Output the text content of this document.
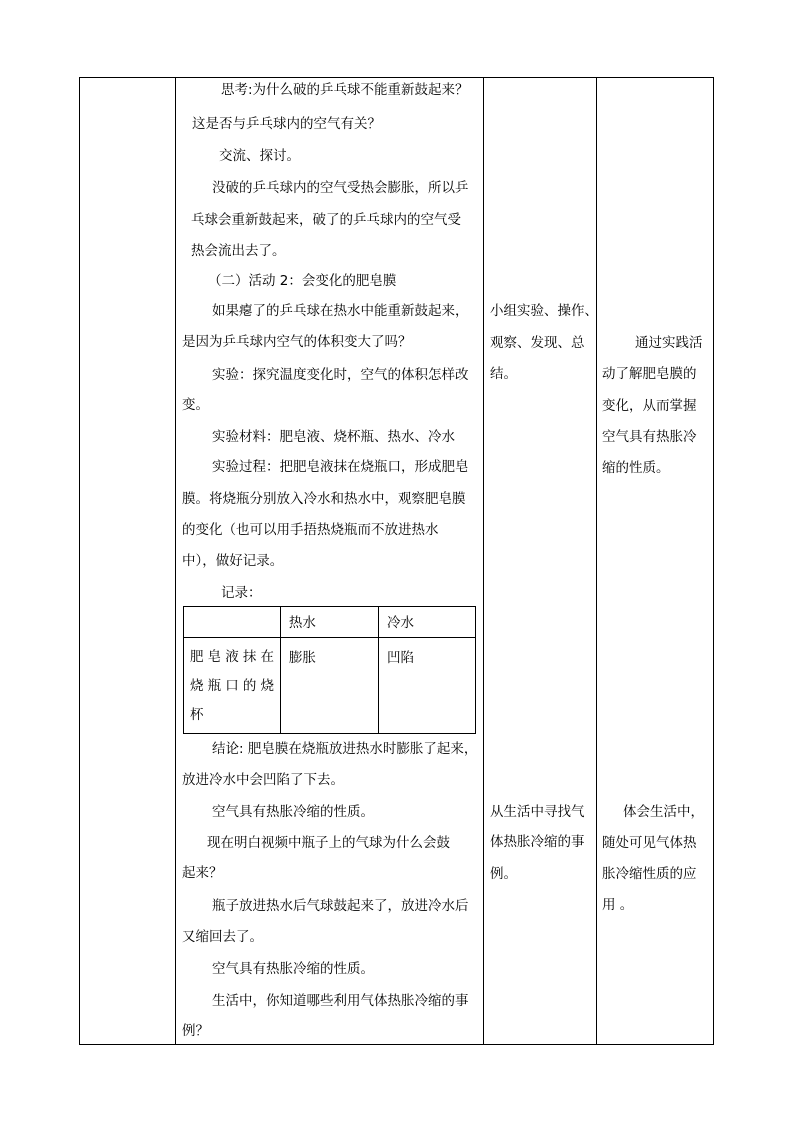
思考:为什么破的乒乓球不能重新鼓起来？
这是否与乒乓球内的空气有关？
交流、探讨。
没破的乒乓球内的空气受热会膨胀，所以乒
乓球会重新鼓起来，破了的乒乓球内的空气受
热会流出去了。
（二）活动 2：会变化的肥皂膜
如果瘪了的乒乓球在热水中能重新鼓起来，
是因为乒乓球内空气的体积变大了吗？
实验：探究温度变化时，空气的体积怎样改
变。
实验材料：肥皂液、烧杯瓶、热水、冷水
实验过程：把肥皂液抹在烧瓶口，形成肥皂
膜。将烧瓶分别放入冷水和热水中，观察肥皂膜
的变化（也可以用手捂热烧瓶而不放进热水
中），做好记录。
记录：

	热水	冷水

肥皂液抹在
烧瓶口的烧
杯	膨胀	凹陷
结论: 肥皂膜在烧瓶放进热水时膨胀了起来，
放进冷水中会凹陷了下去。
空气具有热胀冷缩的性质。
现在明白视频中瓶子上的气球为什么会鼓
起来？
瓶子放进热水后气球鼓起来了，放进冷水后
又缩回去了。
空气具有热胀冷缩的性质。
生活中，你知道哪些利用气体热胀冷缩的事
例？
小组实验、操作、
观察、发现、总
结。
从生活中寻找气
体热胀冷缩的事
例。
通过实践活
动了解肥皂膜的
变化，从而掌握
空气具有热胀冷
缩的性质。
体会生活中，
随处可见气体热
胀冷缩性质的应
用 。
